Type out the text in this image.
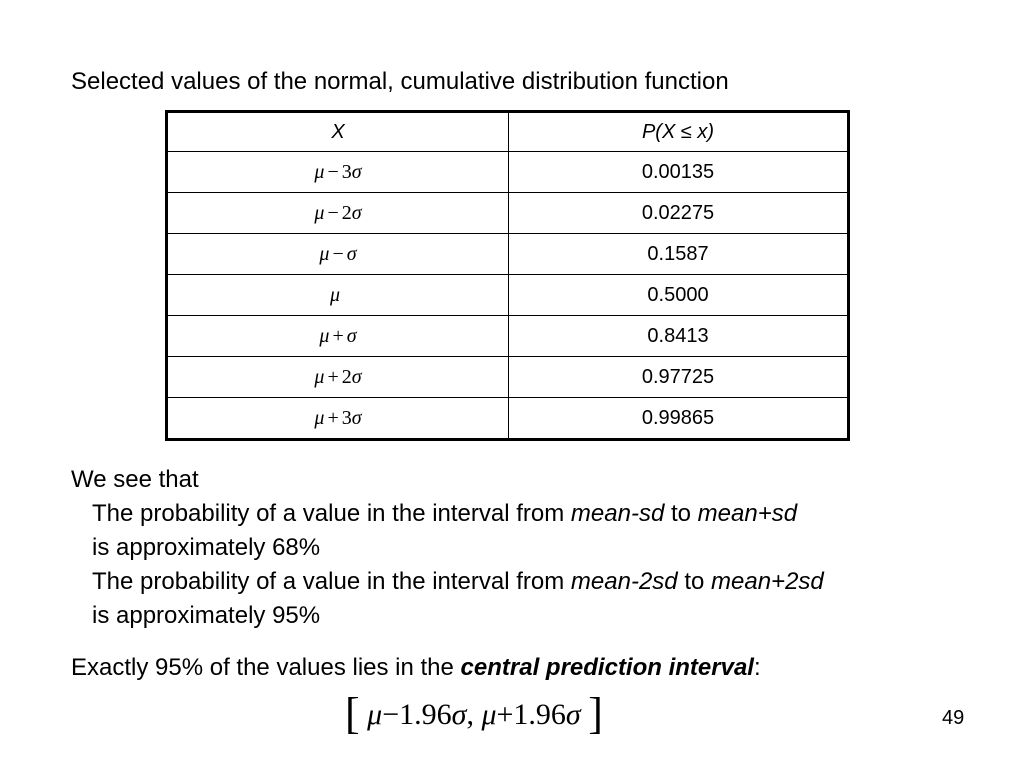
Selected values of the normal, cumulative distribution function
X	P(X ≤ x)
μ − 3σ	0.00135
μ − 2σ	0.02275
μ − σ	0.1587
μ	0.5000
μ + σ	0.8413
μ + 2σ	0.97725
μ + 3σ	0.99865
We see that
The probability of a value in the interval from mean-sd to mean+sd
is approximately 68%
The probability of a value in the interval from mean-2sd to mean+2sd
is approximately 95%
Exactly 95% of the values lies in the central prediction interval:
[ μ−1.96σ, μ+1.96σ ]	49
